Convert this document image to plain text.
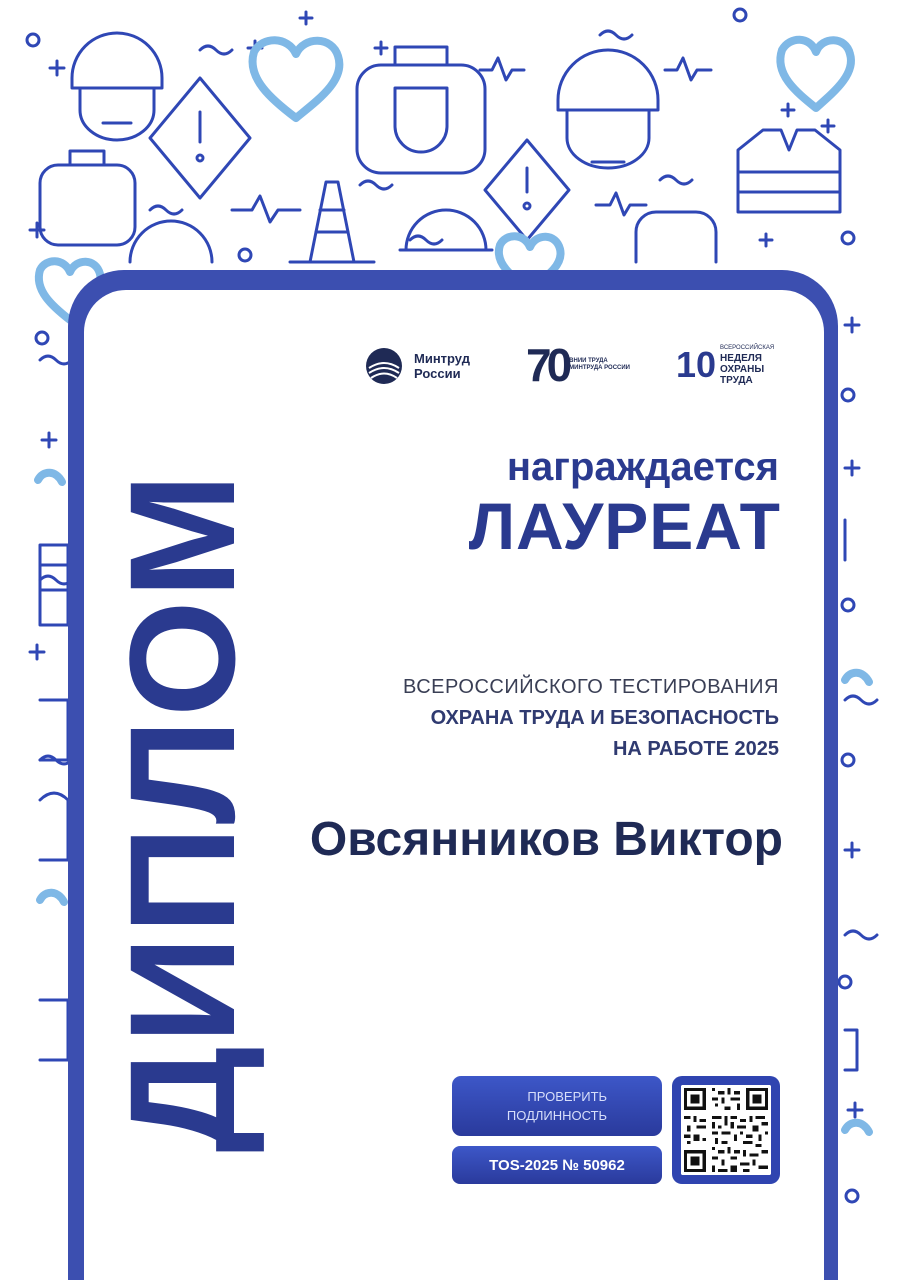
Минтруд
России 70 ВНИИ ТРУДА
МИНТРУДА РОССИИ 10 ВСЕРОССИЙСКАЯ
НЕДЕЛЯ
ОХРАНЫ
ТРУДА
ДИПЛОМ
награждается
ЛАУРЕАТ
ВСЕРОССИЙСКОГО ТЕСТИРОВАНИЯ
ОХРАНА ТРУДА И БЕЗОПАСНОСТЬ
НА РАБОТЕ 2025
Овсянников Виктор
ПРОВЕРИТЬ
ПОДЛИННОСТЬ
TOS-2025 № 50962
